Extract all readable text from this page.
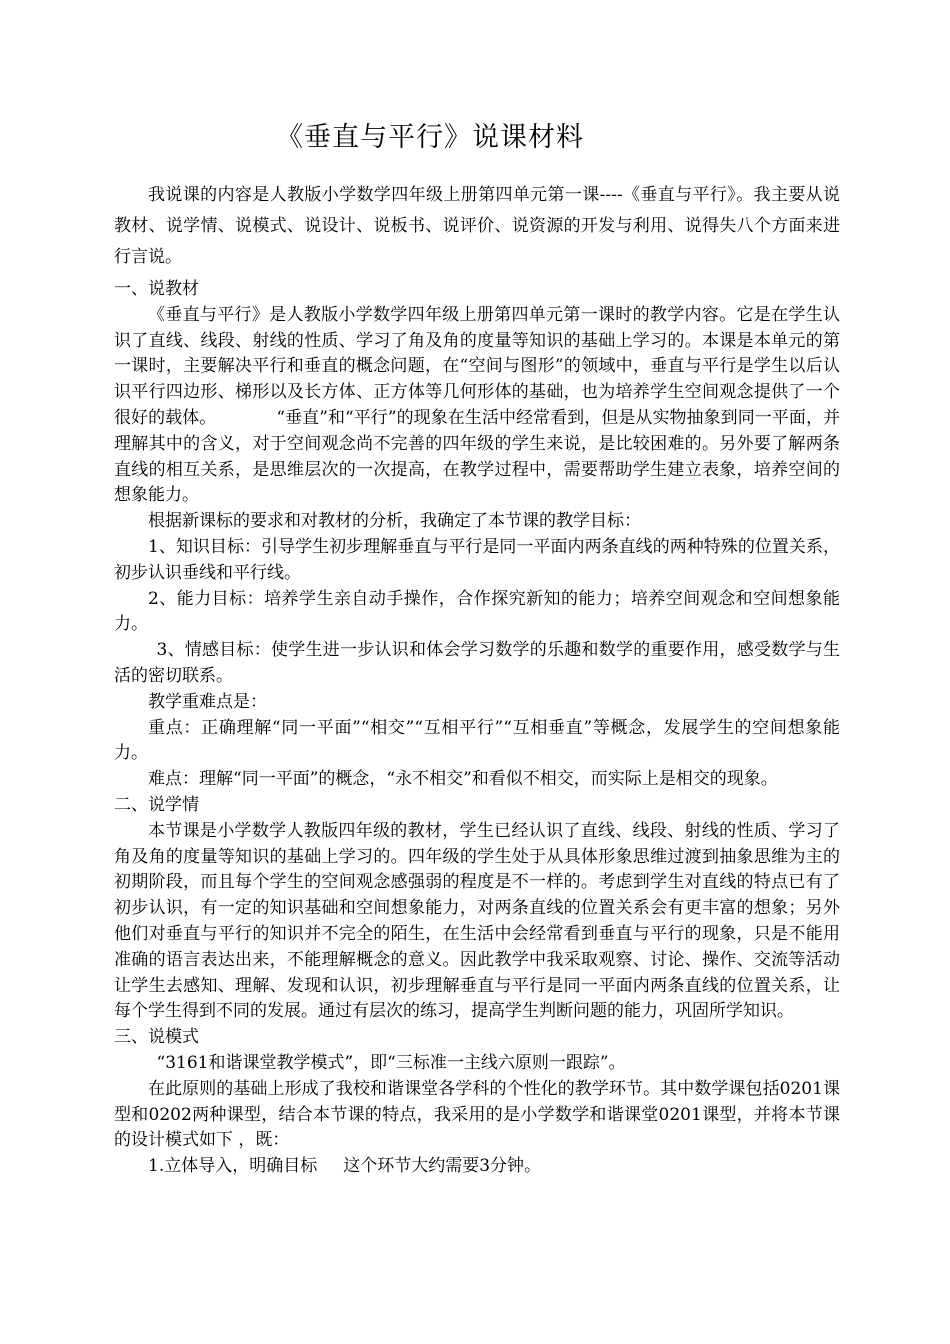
《垂直与平行》说课材料

我说课的内容是人教版小学数学四年级上册第四单元第一课----《垂直与平行》。我主要从说教材、说学情、说模式、说设计、说板书、说评价、说资源的开发与利用、说得失八个方面来进行言说。

一、说教材

《垂直与平行》是人教版小学数学四年级上册第四单元第一课时的教学内容。它是在学生认识了直线、线段、射线的性质、学习了角及角的度量等知识的基础上学习的。本课是本单元的第一课时，主要解决平行和垂直的概念问题，在“空间与图形”的领域中，垂直与平行是学生以后认识平行四边形、梯形以及长方体、正方体等几何形体的基础，也为培养学生空间观念提供了一个很好的载体。	“垂直”和“平行”的现象在生活中经常看到，但是从实物抽象到同一平面，并理解其中的含义，对于空间观念尚不完善的四年级的学生来说，是比较困难的。另外要了解两条直线的相互关系，是思维层次的一次提高，在教学过程中，需要帮助学生建立表象，培养空间的想象能力。

根据新课标的要求和对教材的分析，我确定了本节课的教学目标：

1、知识目标：引导学生初步理解垂直与平行是同一平面内两条直线的两种特殊的位置关系，初步认识垂线和平行线。

2、能力目标：培养学生亲自动手操作，合作探究新知的能力；培养空间观念和空间想象能力。

3、情感目标：使学生进一步认识和体会学习数学的乐趣和数学的重要作用，感受数学与生活的密切联系。

教学重难点是：

重点：正确理解“同一平面”“相交”“互相平行”“互相垂直”等概念，发展学生的空间想象能力。

难点：理解“同一平面”的概念，“永不相交”和看似不相交，而实际上是相交的现象。

二、说学情

本节课是小学数学人教版四年级的教材，学生已经认识了直线、线段、射线的性质、学习了角及角的度量等知识的基础上学习的。四年级的学生处于从具体形象思维过渡到抽象思维为主的初期阶段，而且每个学生的空间观念感强弱的程度是不一样的。考虑到学生对直线的特点已有了初步认识，有一定的知识基础和空间想象能力，对两条直线的位置关系会有更丰富的想象；另外他们对垂直与平行的知识并不完全的陌生，在生活中会经常看到垂直与平行的现象，只是不能用准确的语言表达出来，不能理解概念的意义。因此教学中我采取观察、讨论、操作、交流等活动让学生去感知、理解、发现和认识，初步理解垂直与平行是同一平面内两条直线的位置关系，让每个学生得到不同的发展。通过有层次的练习，提高学生判断问题的能力，巩固所学知识。

三、说模式

“3161和谐课堂教学模式”，即“三标准一主线六原则一跟踪”。

在此原则的基础上形成了我校和谐课堂各学科的个性化的教学环节。其中数学课包括0201课型和0202两种课型，结合本节课的特点，我采用的是小学数学和谐课堂0201课型，并将本节课的设计模式如下 ，既：

1.立体导入，明确目标 这个环节大约需要3分钟。
